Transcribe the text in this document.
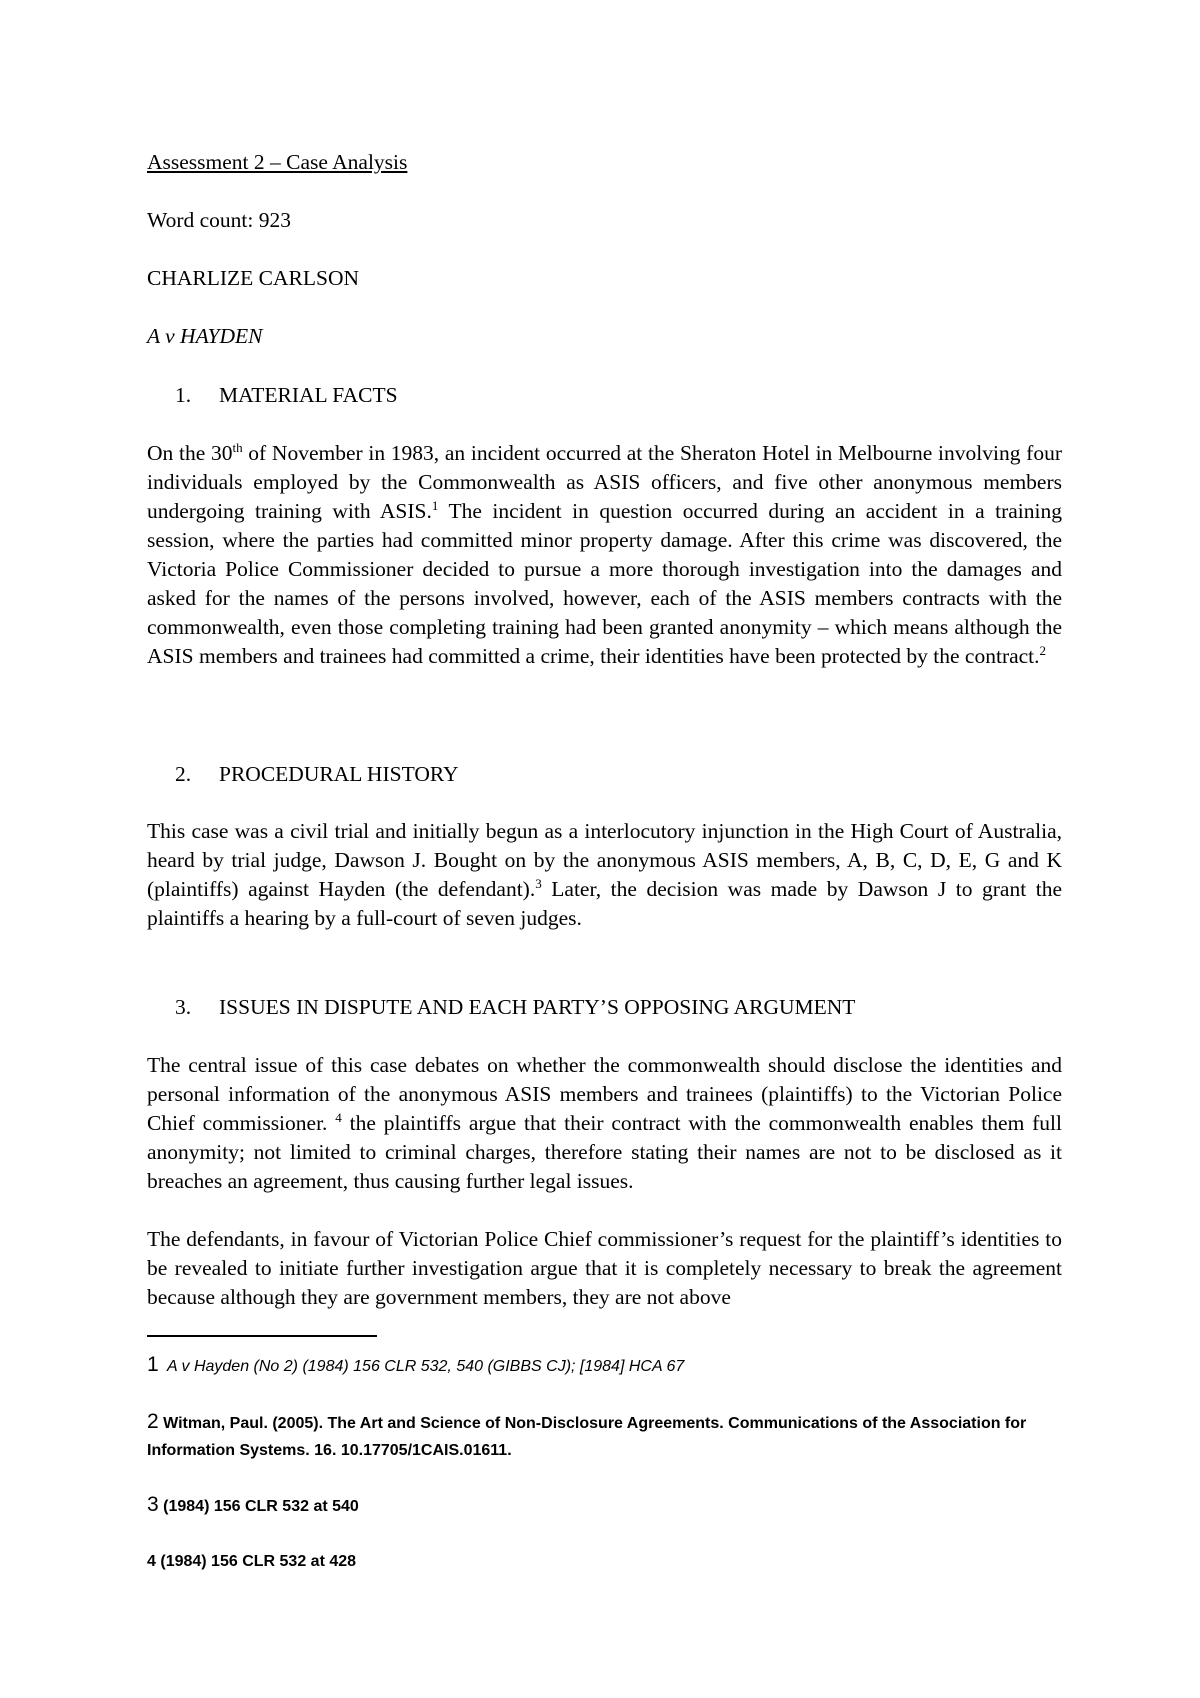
Assessment 2 – Case Analysis
Word count: 923
CHARLIZE CARLSON
A v HAYDEN
1. MATERIAL FACTS

On the 30th of November in 1983, an incident occurred at the Sheraton Hotel in Melbourne involving four individuals employed by the Commonwealth as ASIS officers, and five other anonymous members undergoing training with ASIS.$^1$ The incident in question occurred during an accident in a training session, where the parties had committed minor property damage. After this crime was discovered, the Victoria Police Commissioner decided to pursue a more thorough investigation into the damages and asked for the names of the persons involved, however, each of the ASIS members contracts with the commonwealth, even those completing training had been granted anonymity – which means although the ASIS members and trainees had committed a crime, their identities have been protected by the contract.$^2$

2. PROCEDURAL HISTORY

This case was a civil trial and initially begun as a interlocutory injunction in the High Court of Australia, heard by trial judge, Dawson J. Bought on by the anonymous ASIS members, A, B, C, D, E, G and K (plaintiffs) against Hayden (the defendant).$^3$ Later, the decision was made by Dawson J to grant the plaintiffs a hearing by a full-court of seven judges.

3. ISSUES IN DISPUTE AND EACH PARTY’S OPPOSING ARGUMENT

The central issue of this case debates on whether the commonwealth should disclose the identities and personal information of the anonymous ASIS members and trainees (plaintiffs) to the Victorian Police Chief commissioner. $^4$ the plaintiffs argue that their contract with the commonwealth enables them full anonymity; not limited to criminal charges, therefore stating their names are not to be disclosed as it breaches an agreement, thus causing further legal issues.

The defendants, in favour of Victorian Police Chief commissioner’s request for the plaintiff’s identities to be revealed to initiate further investigation argue that it is completely necessary to break the agreement because although they are government members, they are not above

1 A v Hayden (No 2) (1984) 156 CLR 532, 540 (GIBBS CJ); [1984] HCA 67
2 Witman, Paul. (2005). The Art and Science of Non-Disclosure Agreements. Communications of the Association for Information Systems. 16. 10.17705/1CAIS.01611.
3 (1984) 156 CLR 532 at 540
4 (1984) 156 CLR 532 at 428
